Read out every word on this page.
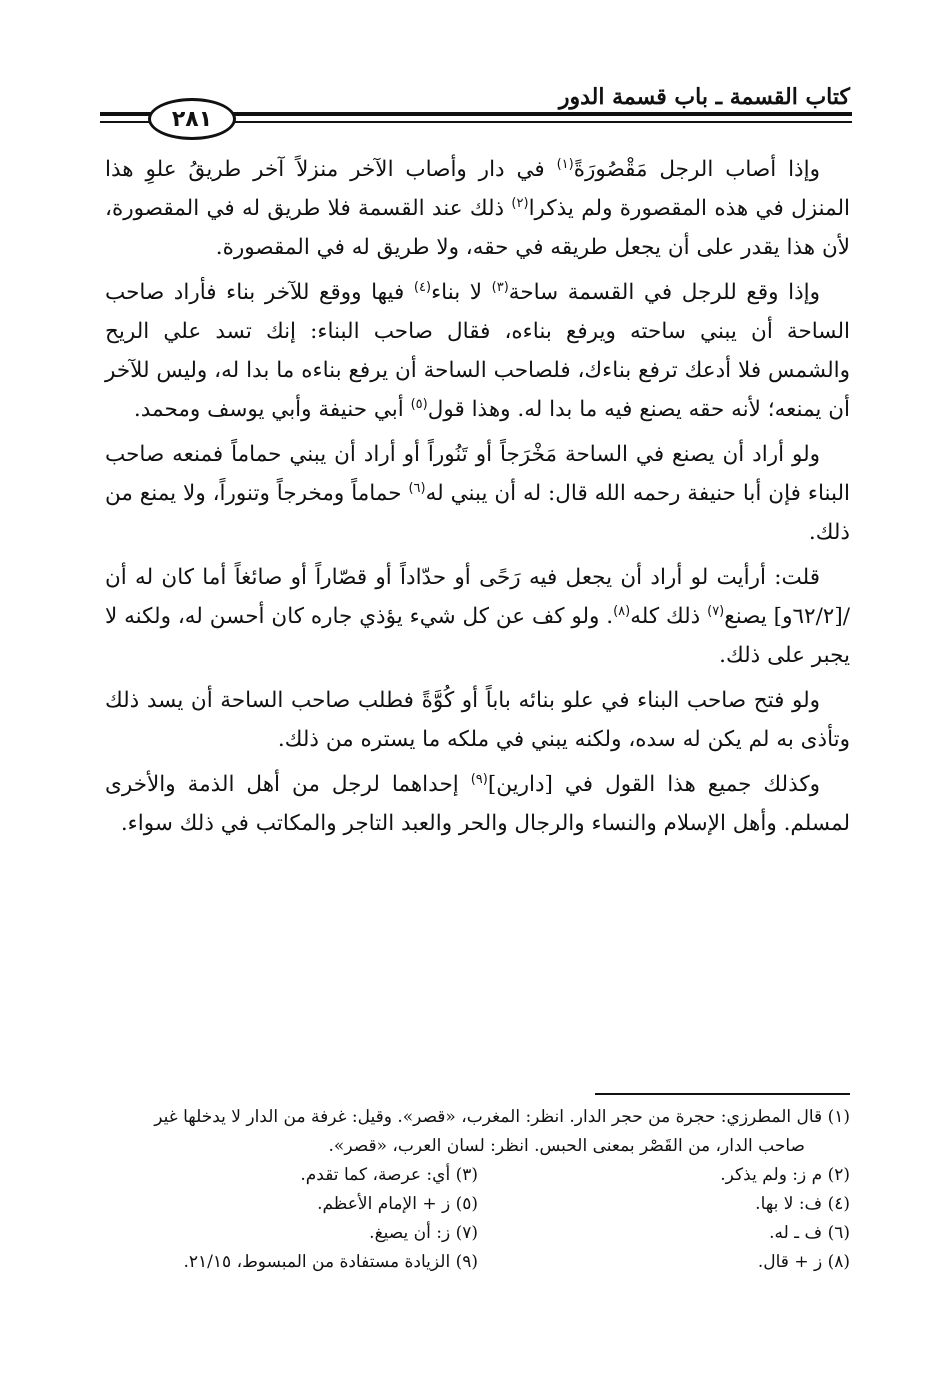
كتاب القسمة ـ باب قسمة الدور
٢٨١

وإذا أصاب الرجل مَقْصُورَةً$^{(١)}$ في دار وأصاب الآخر منزلاً آخر طريقُ علوِ هذا المنزل في هذه المقصورة ولم يذكرا$^{(٢)}$ ذلك عند القسمة فلا طريق له في المقصورة، لأن هذا يقدر على أن يجعل طريقه في حقه، ولا طريق له في المقصورة.

وإذا وقع للرجل في القسمة ساحة$^{(٣)}$ لا بناء$^{(٤)}$ فيها ووقع للآخر بناء فأراد صاحب الساحة أن يبني ساحته ويرفع بناءه، فقال صاحب البناء: إنك تسد علي الريح والشمس فلا أدعك ترفع بناءك، فلصاحب الساحة أن يرفع بناءه ما بدا له، وليس للآخر أن يمنعه؛ لأنه حقه يصنع فيه ما بدا له. وهذا قول$^{(٥)}$ أبي حنيفة وأبي يوسف ومحمد.

ولو أراد أن يصنع في الساحة مَخْرَجاً أو تَنُوراً أو أراد أن يبني حماماً فمنعه صاحب البناء فإن أبا حنيفة رحمه الله قال: له أن يبني له$^{(٦)}$ حماماً ومخرجاً وتنوراً، ولا يمنع من ذلك.

قلت: أرأيت لو أراد أن يجعل فيه رَحًى أو حدّاداً أو قصّاراً أو صائغاً أما كان له أن /[٦٢/٢و] يصنع$^{(٧)}$ ذلك كله$^{(٨)}$. ولو كف عن كل شيء يؤذي جاره كان أحسن له، ولكنه لا يجبر على ذلك.

ولو فتح صاحب البناء في علو بنائه باباً أو كُوَّةً فطلب صاحب الساحة أن يسد ذلك وتأذى به لم يكن له سده، ولكنه يبني في ملكه ما يستره من ذلك.

وكذلك جميع هذا القول في [دارين]$^{(٩)}$ إحداهما لرجل من أهل الذمة والأخرى لمسلم. وأهل الإسلام والنساء والرجال والحر والعبد التاجر والمكاتب في ذلك سواء.

(١) قال المطرزي: حجرة من حجر الدار. انظر: المغرب، «قصر». وقيل: غرفة من الدار لا يدخلها غير صاحب الدار، من القَصْر بمعنى الحبس. انظر: لسان العرب، «قصر».

(٢) م ز: ولم يذكر.
(٣) أي: عرصة، كما تقدم.
(٤) ف: لا بها.
(٥) ز + الإمام الأعظم.
(٦) ف ـ له.
(٧) ز: أن يصيغ.
(٨) ز + قال.
(٩) الزيادة مستفادة من المبسوط، ٢١/١٥.
